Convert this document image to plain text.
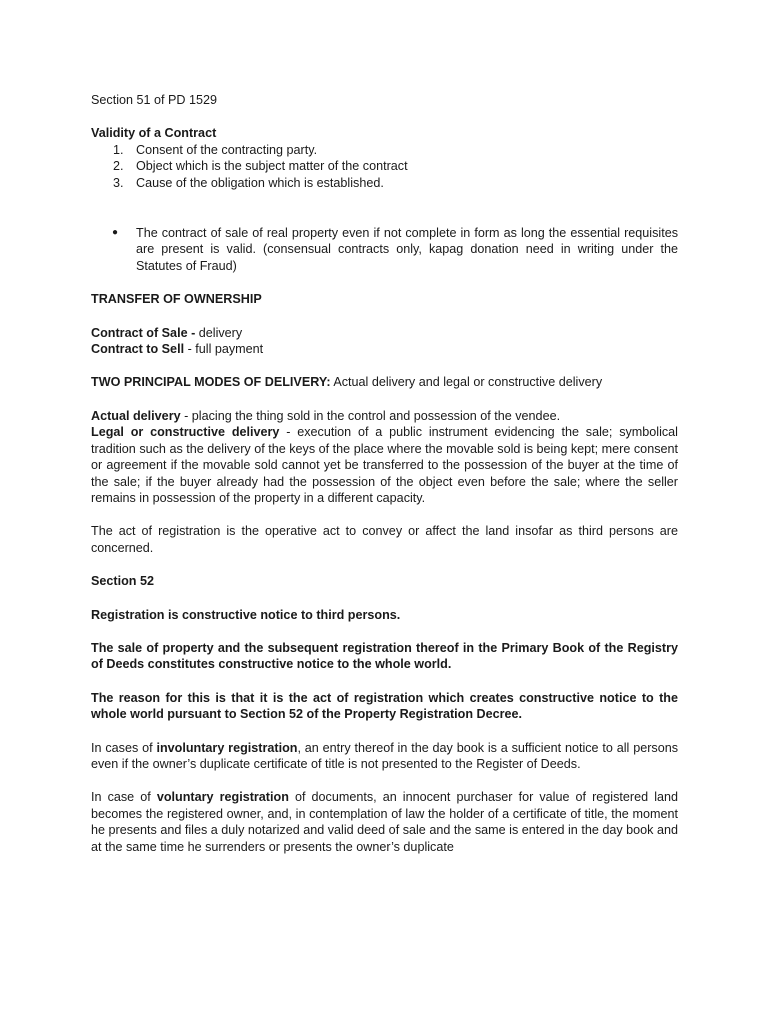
Section 51 of PD 1529

Validity of a Contract

1. Consent of the contracting party.
2. Object which is the subject matter of the contract
3. Cause of the obligation which is established.
● The contract of sale of real property even if not complete in form as long the essential requisites are present is valid. (consensual contracts only, kapag donation need in writing under the Statutes of Fraud)

TRANSFER OF OWNERSHIP

Contract of Sale - delivery

Contract to Sell - full payment

TWO PRINCIPAL MODES OF DELIVERY: Actual delivery and legal or constructive delivery

Actual delivery - placing the thing sold in the control and possession of the vendee.

Legal or constructive delivery - execution of a public instrument evidencing the sale; symbolical tradition such as the delivery of the keys of the place where the movable sold is being kept; mere consent or agreement if the movable sold cannot yet be transferred to the possession of the buyer at the time of the sale; if the buyer already had the possession of the object even before the sale; where the seller remains in possession of the property in a different capacity.

The act of registration is the operative act to convey or affect the land insofar as third persons are concerned.

Section 52

Registration is constructive notice to third persons.

The sale of property and the subsequent registration thereof in the Primary Book of the Registry of Deeds constitutes constructive notice to the whole world.

The reason for this is that it is the act of registration which creates constructive notice to the whole world pursuant to Section 52 of the Property Registration Decree.

In cases of involuntary registration, an entry thereof in the day book is a sufficient notice to all persons even if the owner’s duplicate certificate of title is not presented to the Register of Deeds.

In case of voluntary registration of documents, an innocent purchaser for value of registered land becomes the registered owner, and, in contemplation of law the holder of a certificate of title, the moment he presents and files a duly notarized and valid deed of sale and the same is entered in the day book and at the same time he surrenders or presents the owner’s duplicate
